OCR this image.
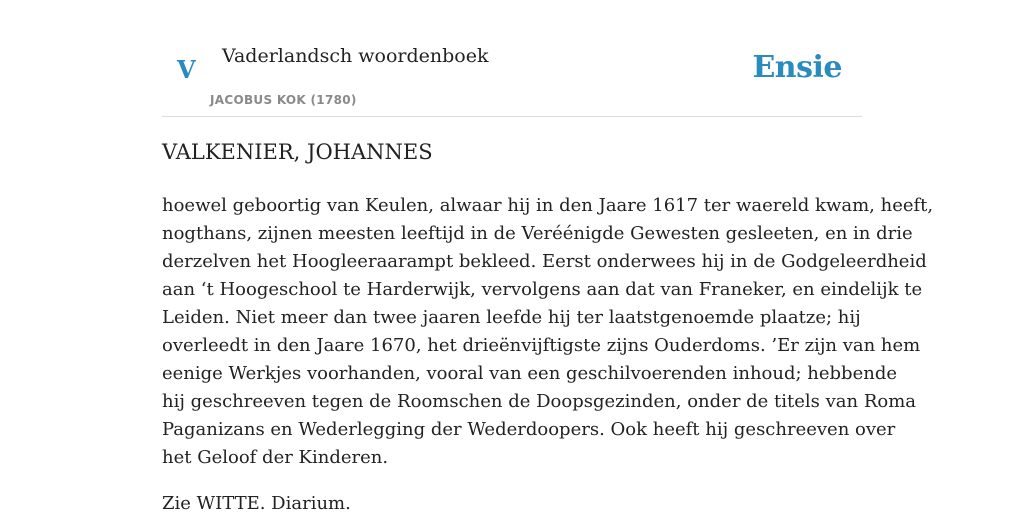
V Vaderlandsch woordenboek
JACOBUS KOK (1780)
Ensie
VALKENIER, JOHANNES

hoewel geboortig van Keulen, alwaar hij in den Jaare 1617 ter waereld kwam, heeft,
nogthans, zijnen meesten leeftijd in de Veréénigde Gewesten gesleeten, en in drie
derzelven het Hoogleeraarampt bekleed. Eerst onderwees hij in de Godgeleerdheid
aan ‘t Hoogeschool te Harderwijk, vervolgens aan dat van Franeker, en eindelijk te
Leiden. Niet meer dan twee jaaren leefde hij ter laatstgenoemde plaatze; hij
overleedt in den Jaare 1670, het drieënvijftigste zijns Ouderdoms. ’Er zijn van hem
eenige Werkjes voorhanden, vooral van een geschilvoerenden inhoud; hebbende
hij geschreeven tegen de Roomschen de Doopsgezinden, onder de titels van Roma
Paganizans en Wederlegging der Wederdoopers. Ook heeft hij geschreeven over
het Geloof der Kinderen.

Zie WITTE. Diarium.
